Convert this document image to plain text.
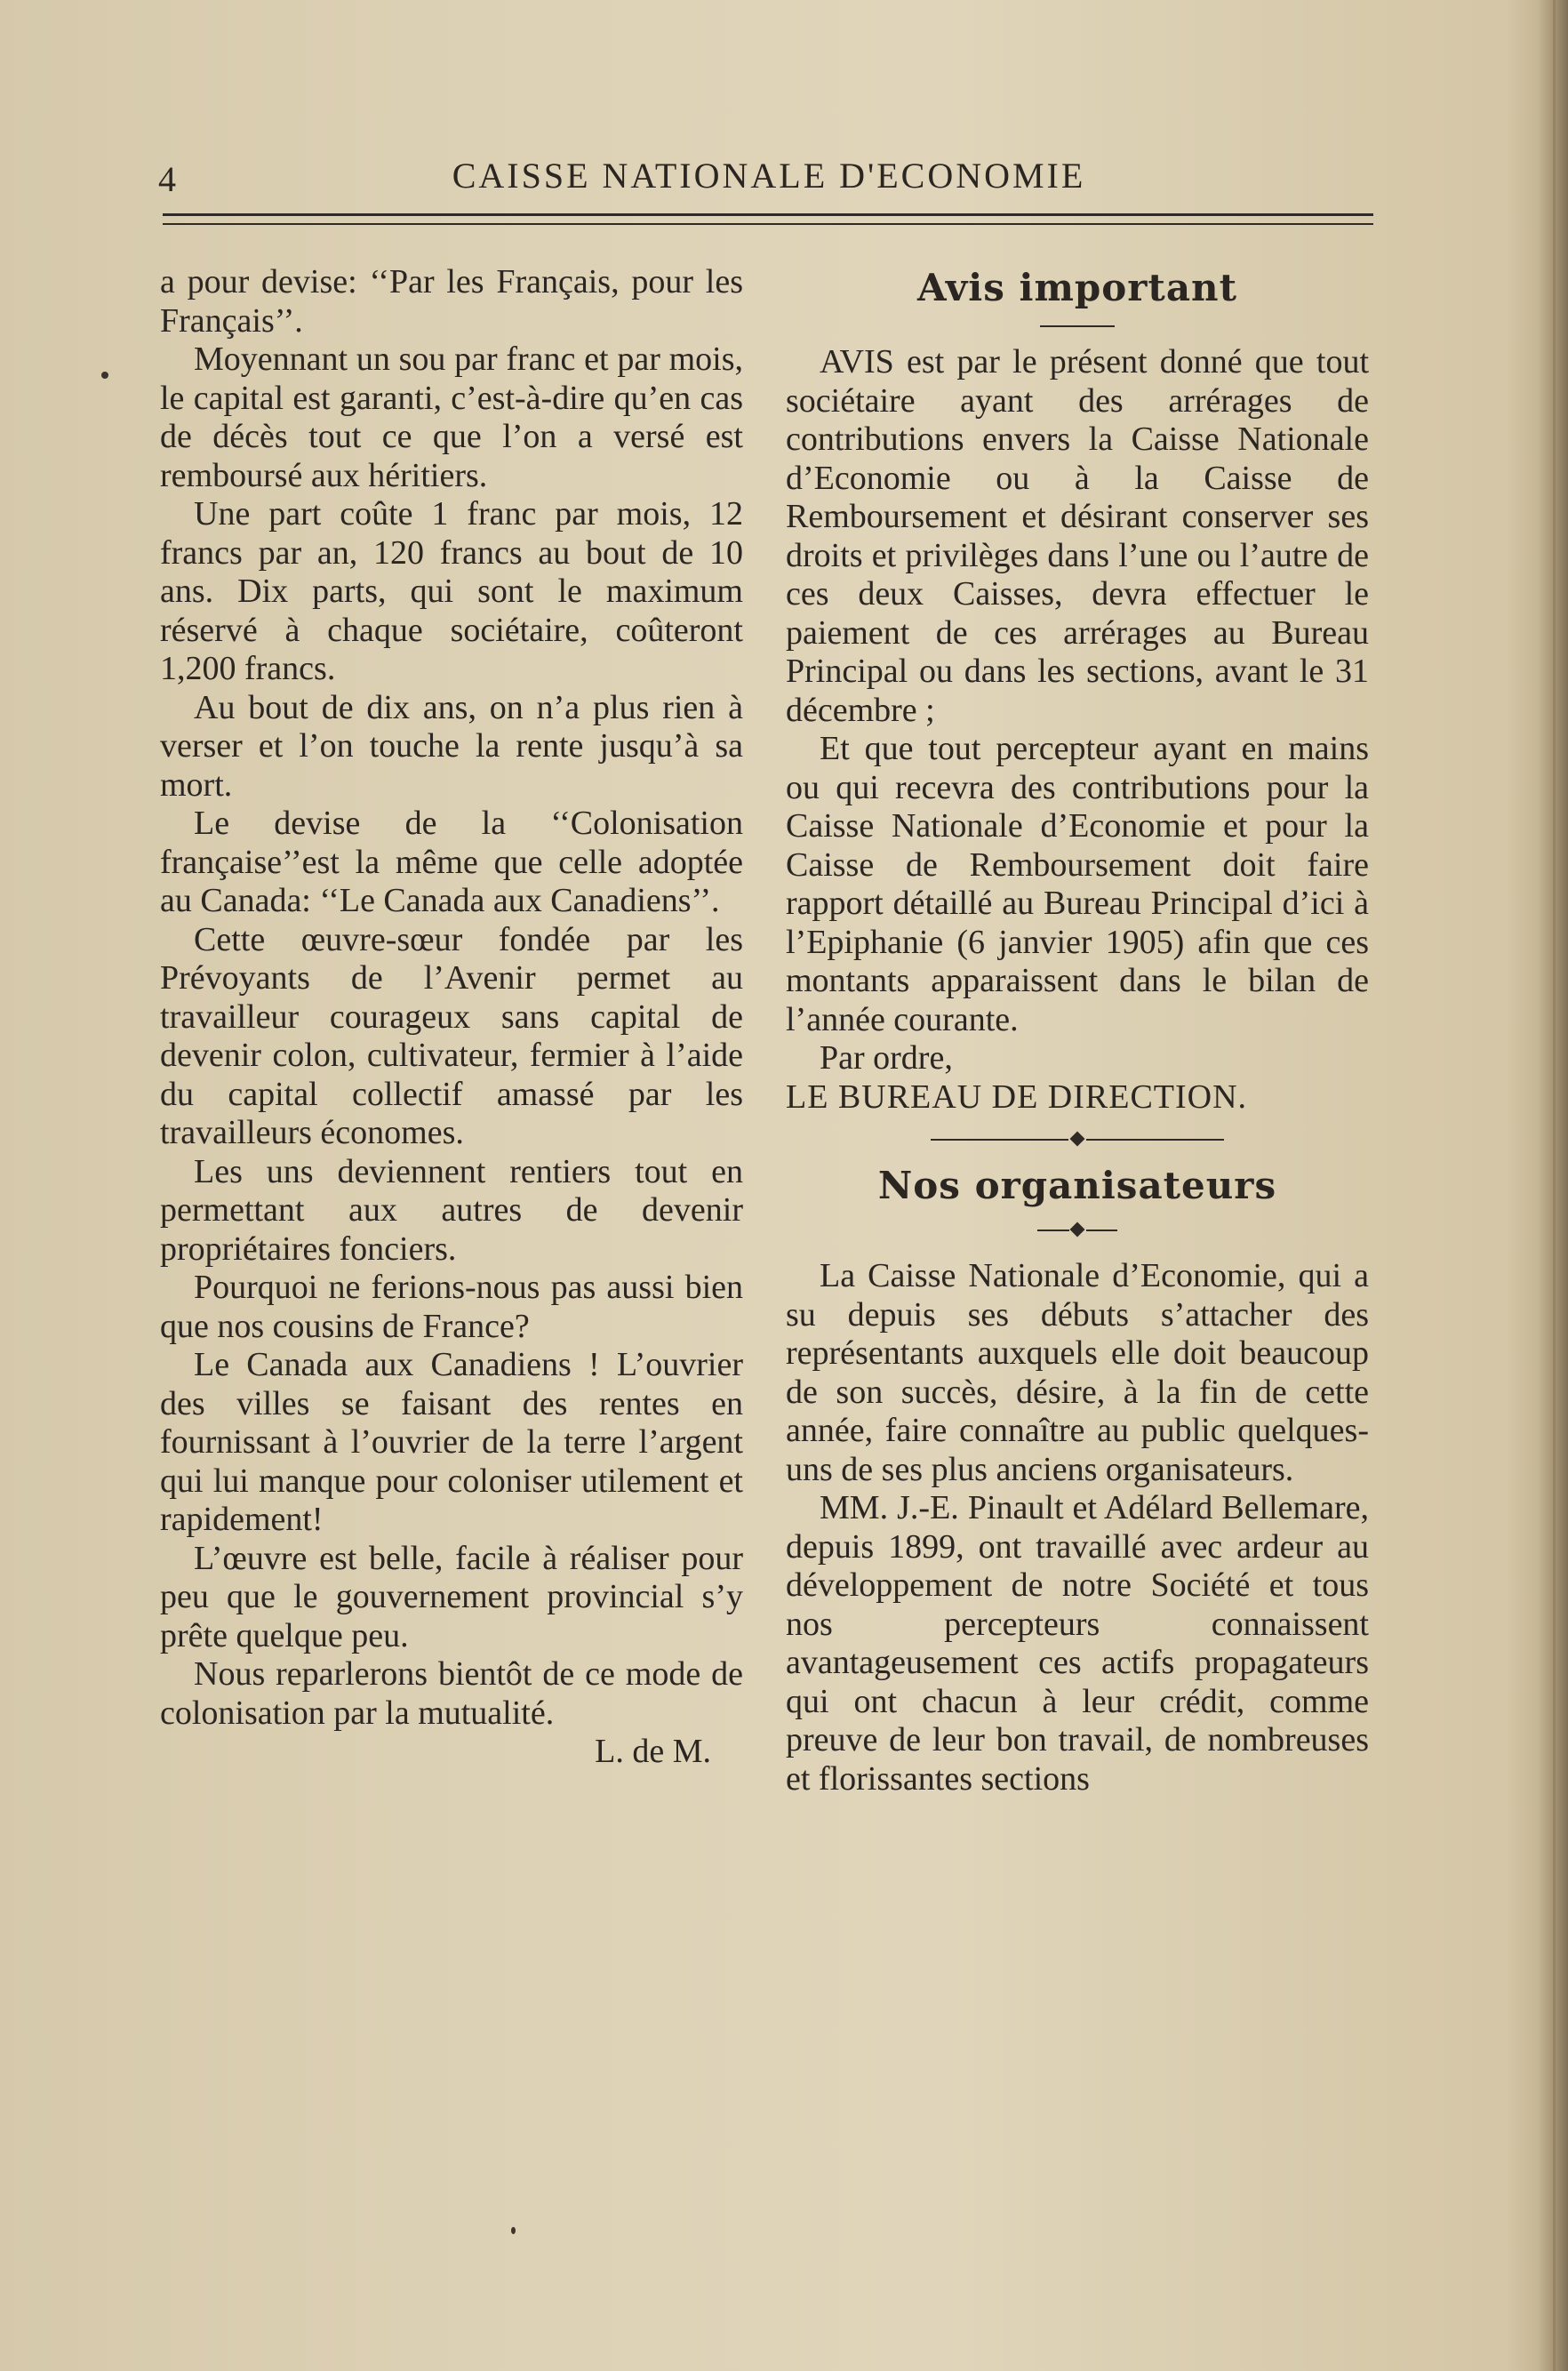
4	CAISSE NATIONALE D'ECONOMIE

a pour devise: ‘‘Par les Français, pour les Français’’.

Moyennant un sou par franc et par mois, le capital est garanti, c’est-à-dire qu’en cas de décès tout ce que l’on a versé est remboursé aux héritiers.

Une part coûte 1 franc par mois, 12 francs par an, 120 francs au bout de 10 ans. Dix parts, qui sont le maximum réservé à chaque sociétaire, coûteront 1,200 francs.

Au bout de dix ans, on n’a plus rien à verser et l’on touche la rente jusqu’à sa mort.

Le devise de la ‘‘Colonisation française’’est la même que celle adoptée au Canada: ‘‘Le Canada aux Canadiens’’.

Cette œuvre-sœur fondée par les Prévoyants de l’Avenir permet au travailleur courageux sans capital de devenir colon, cultivateur, fermier à l’aide du capital collectif amassé par les travailleurs économes.

Les uns deviennent rentiers tout en permettant aux autres de devenir propriétaires fonciers.

Pourquoi ne ferions-nous pas aussi bien que nos cousins de France?

Le Canada aux Canadiens ! L’ouvrier des villes se faisant des rentes en fournissant à l’ouvrier de la terre l’argent qui lui manque pour coloniser utilement et rapidement!

L’œuvre est belle, facile à réaliser pour peu que le gouvernement provincial s’y prête quelque peu.

Nous reparlerons bientôt de ce mode de colonisation par la mutualité.

L. de M.

Avis important

AVIS est par le présent donné que tout sociétaire ayant des arrérages de contributions envers la Caisse Nationale d’Economie ou à la Caisse de Remboursement et désirant conserver ses droits et privilèges dans l’une ou l’autre de ces deux Caisses, devra effectuer le paiement de ces arrérages au Bureau Principal ou dans les sections, avant le 31 décembre ;

Et que tout percepteur ayant en mains ou qui recevra des contributions pour la Caisse Nationale d’Economie et pour la Caisse de Remboursement doit faire rapport détaillé au Bureau Principal d’ici à l’Epiphanie (6 janvier 1905) afin que ces montants apparaissent dans le bilan de l’année courante.

Par ordre,

LE BUREAU DE DIRECTION.

Nos organisateurs

La Caisse Nationale d’Economie, qui a su depuis ses débuts s’attacher des représentants auxquels elle doit beaucoup de son succès, désire, à la fin de cette année, faire connaître au public quelques-uns de ses plus anciens organisateurs.

MM. J.-E. Pinault et Adélard Bellemare, depuis 1899, ont travaillé avec ardeur au développement de notre Société et tous nos percepteurs connaissent avantageusement ces actifs propagateurs qui ont chacun à leur crédit, comme preuve de leur bon travail, de nombreuses et florissantes sections
